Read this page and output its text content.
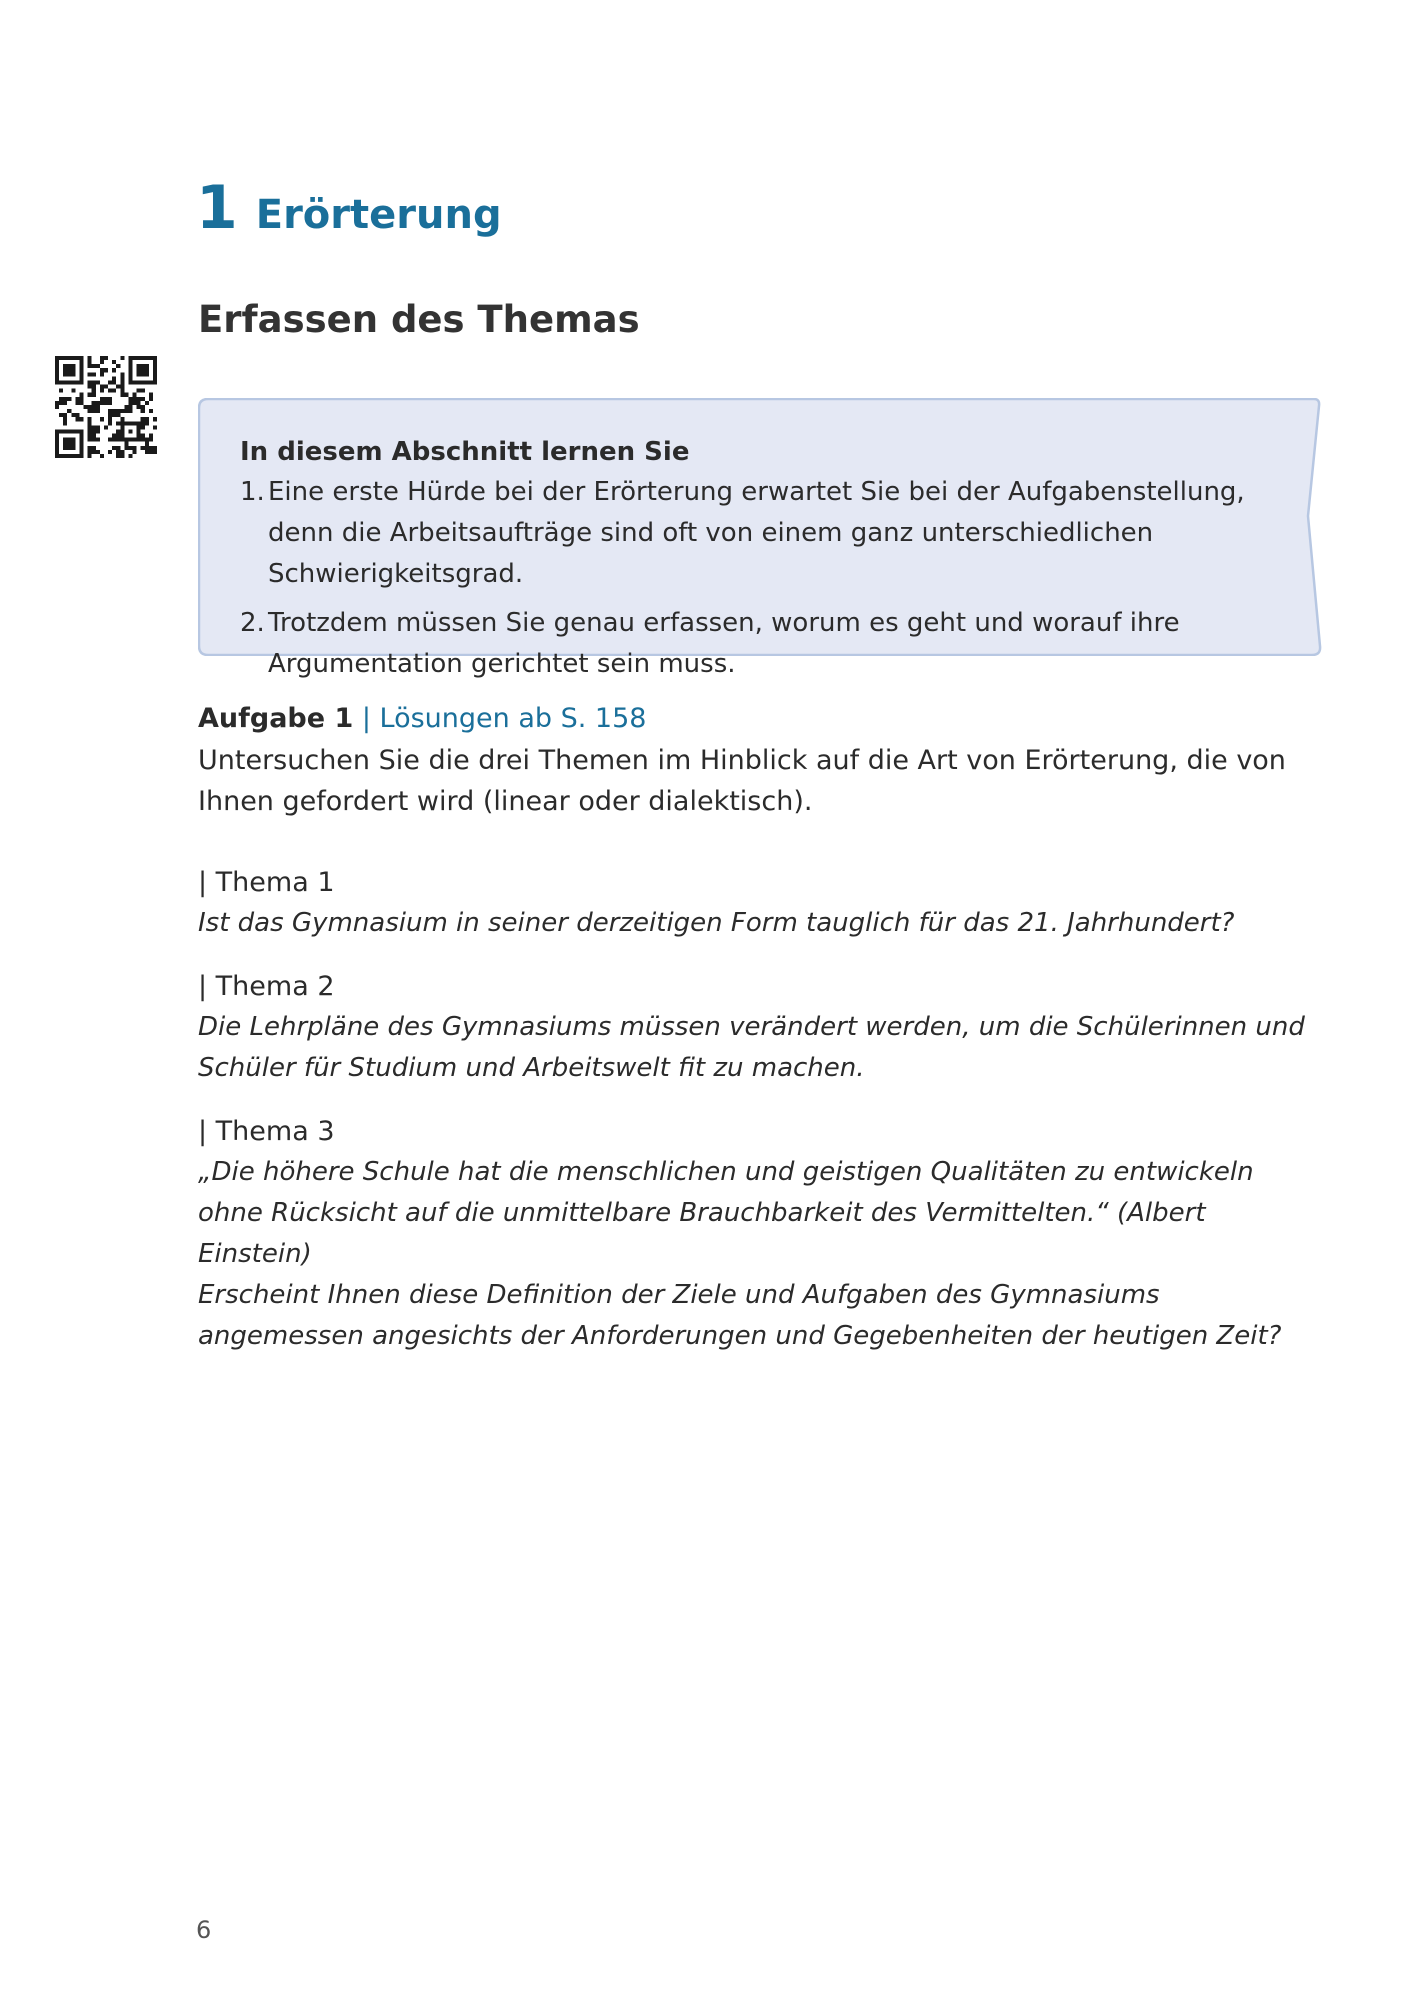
1 Erörterung
Erfassen des Themas
In diesem Abschnitt lernen Sie
1. Eine erste Hürde bei der Erörterung erwartet Sie bei der Aufgabenstellung, denn die Arbeitsaufträge sind oft von einem ganz unterschiedlichen Schwierigkeitsgrad.
2. Trotzdem müssen Sie genau erfassen, worum es geht und worauf ihre Argumentation gerichtet sein muss.
Aufgabe 1 | Lösungen ab S. 158

Untersuchen Sie die drei Themen im Hinblick auf die Art von Erörterung, die von Ihnen gefordert wird (linear oder dialektisch).

| Thema 1

Ist das Gymnasium in seiner derzeitigen Form tauglich für das 21. Jahrhundert?

| Thema 2

Die Lehrpläne des Gymnasiums müssen verändert werden, um die Schülerinnen und Schüler für Studium und Arbeitswelt fit zu machen.

| Thema 3

„Die höhere Schule hat die menschlichen und geistigen Qualitäten zu entwickeln ohne Rücksicht auf die unmittelbare Brauchbarkeit des Vermittelten.“ (Albert Einstein)

Erscheint Ihnen diese Definition der Ziele und Aufgaben des Gymnasiums angemessen angesichts der Anforderungen und Gegebenheiten der heutigen Zeit?

6
